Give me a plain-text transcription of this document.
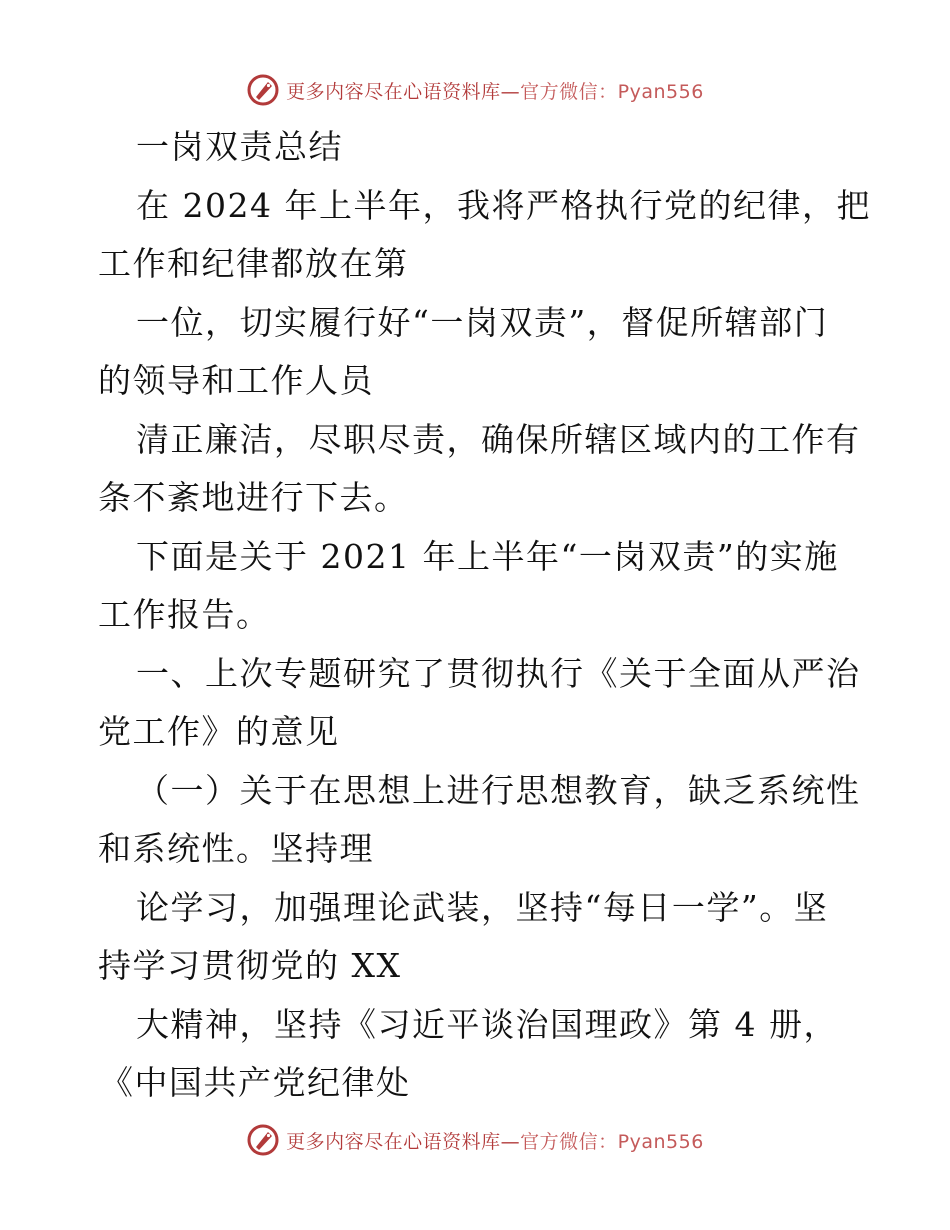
更多内容尽在心语资料库—官方微信：Pyan556
一岗双责总结
在 2024 年上半年，我将严格执行党的纪律，把
工作和纪律都放在第
一位，切实履行好“一岗双责”，督促所辖部门
的领导和工作人员
清正廉洁，尽职尽责，确保所辖区域内的工作有
条不紊地进行下去。
下面是关于 2021 年上半年“一岗双责”的实施
工作报告。
一、上次专题研究了贯彻执行《关于全面从严治
党工作》的意见
（一）关于在思想上进行思想教育，缺乏系统性
和系统性。坚持理
论学习，加强理论武装，坚持“每日一学”。坚
持学习贯彻党的 XX
大精神，坚持《习近平谈治国理政》第 4 册，
《中国共产党纪律处
更多内容尽在心语资料库—官方微信：Pyan556
